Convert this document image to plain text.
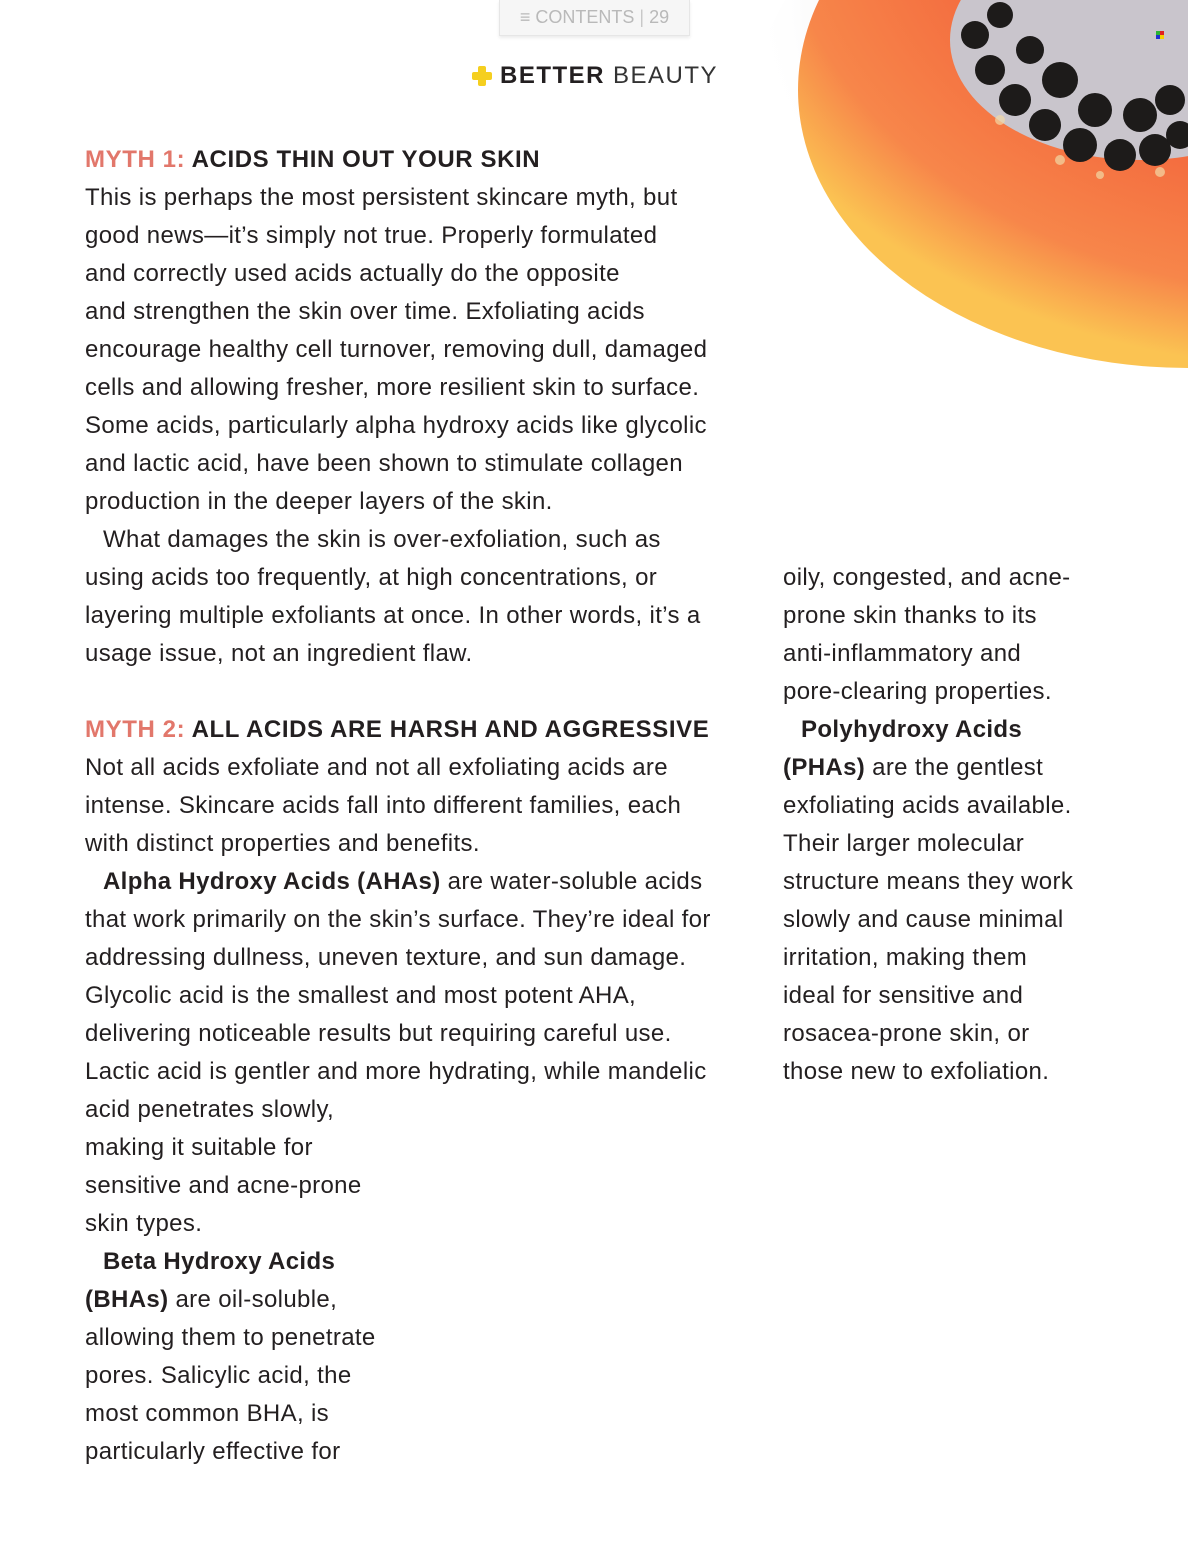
≡ CONTENTS | 29
BETTER BEAUTY
MYTH 1: ACIDS THIN OUT YOUR SKIN
This is perhaps the most persistent skincare myth, but
good news—it’s simply not true. Properly formulated
and correctly used acids actually do the opposite
and strengthen the skin over time. Exfoliating acids
encourage healthy cell turnover, removing dull, damaged
cells and allowing fresher, more resilient skin to surface.
Some acids, particularly alpha hydroxy acids like glycolic
and lactic acid, have been shown to stimulate collagen
production in the deeper layers of the skin.
What damages the skin is over-exfoliation, such as
using acids too frequently, at high concentrations, or
layering multiple exfoliants at once. In other words, it’s a
usage issue, not an ingredient flaw.
MYTH 2: ALL ACIDS ARE HARSH AND AGGRESSIVE
Not all acids exfoliate and not all exfoliating acids are
intense. Skincare acids fall into different families, each
with distinct properties and benefits.
Alpha Hydroxy Acids (AHAs) are water-soluble acids
that work primarily on the skin’s surface. They’re ideal for
addressing dullness, uneven texture, and sun damage.
Glycolic acid is the smallest and most potent AHA,
delivering noticeable results but requiring careful use.
Lactic acid is gentler and more hydrating, while mandelic
acid penetrates slowly,
making it suitable for
sensitive and acne-prone
skin types.
Beta Hydroxy Acids
(BHAs) are oil-soluble,
allowing them to penetrate
pores. Salicylic acid, the
most common BHA, is
particularly effective for
oily, congested, and acne-
prone skin thanks to its
anti-inflammatory and
pore-clearing properties.
Polyhydroxy Acids
(PHAs) are the gentlest
exfoliating acids available.
Their larger molecular
structure means they work
slowly and cause minimal
irritation, making them
ideal for sensitive and
rosacea-prone skin, or
those new to exfoliation.
